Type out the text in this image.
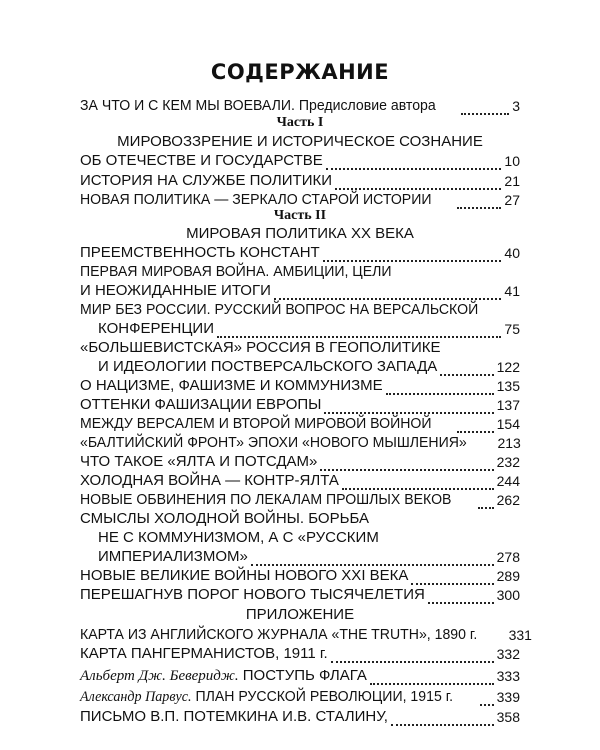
СОДЕРЖАНИЕ
ЗА ЧТО И С КЕМ МЫ ВОЕВАЛИ. Предисловие автора	3
Часть I
МИРОВОЗЗРЕНИЕ И ИСТОРИЧЕСКОЕ СОЗНАНИЕ
ОБ ОТЕЧЕСТВЕ И ГОСУДАРСТВЕ	10
ИСТОРИЯ НА СЛУЖБЕ ПОЛИТИКИ	21
НОВАЯ ПОЛИТИКА — ЗЕРКАЛО СТАРОЙ ИСТОРИИ	27
Часть II
МИРОВАЯ ПОЛИТИКА XX ВЕКА
ПРЕЕМСТВЕННОСТЬ КОНСТАНТ	40
ПЕРВАЯ МИРОВАЯ ВОЙНА. АМБИЦИИ, ЦЕЛИ
И НЕОЖИДАННЫЕ ИТОГИ	41
МИР БЕЗ РОССИИ. РУССКИЙ ВОПРОС НА ВЕРСАЛЬСКОЙ
КОНФЕРЕНЦИИ	75
«БОЛЬШЕВИСТСКАЯ» РОССИЯ В ГЕОПОЛИТИКЕ
И ИДЕОЛОГИИ ПОСТВЕРСАЛЬСКОГО ЗАПАДА	122
О НАЦИЗМЕ, ФАШИЗМЕ И КОММУНИЗМЕ	135
ОТТЕНКИ ФАШИЗАЦИИ ЕВРОПЫ	137
МЕЖДУ ВЕРСАЛЕМ И ВТОРОЙ МИРОВОЙ ВОЙНОЙ	154
«БАЛТИЙСКИЙ ФРОНТ» ЭПОХИ «НОВОГО МЫШЛЕНИЯ» 213
ЧТО ТАКОЕ «ЯЛТА И ПОТСДАМ»	232
ХОЛОДНАЯ ВОЙНА — КОНТР-ЯЛТА	244
НОВЫЕ ОБВИНЕНИЯ ПО ЛЕКАЛАМ ПРОШЛЫХ ВЕКОВ	262
СМЫСЛЫ ХОЛОДНОЙ ВОЙНЫ. БОРЬБА
НЕ С КОММУНИЗМОМ, А С «РУССКИМ
ИМПЕРИАЛИЗМОМ»	278
НОВЫЕ ВЕЛИКИЕ ВОЙНЫ НОВОГО XXI ВЕКА	289
ПЕРЕШАГНУВ ПОРОГ НОВОГО ТЫСЯЧЕЛЕТИЯ	300
ПРИЛОЖЕНИЕ
КАРТА ИЗ АНГЛИЙСКОГО ЖУРНАЛА «THE TRUTH», 1890 г. 331
КАРТА ПАНГЕРМАНИСТОВ, 1911 г.	332
Альберт Дж. Беверидж. ПОСТУПЬ ФЛАГА	333
Александр Парвус. ПЛАН РУССКОЙ РЕВОЛЮЦИИ, 1915 г.	339
ПИСЬМО В.П. ПОТЕМКИНА И.В. СТАЛИНУ,	358
